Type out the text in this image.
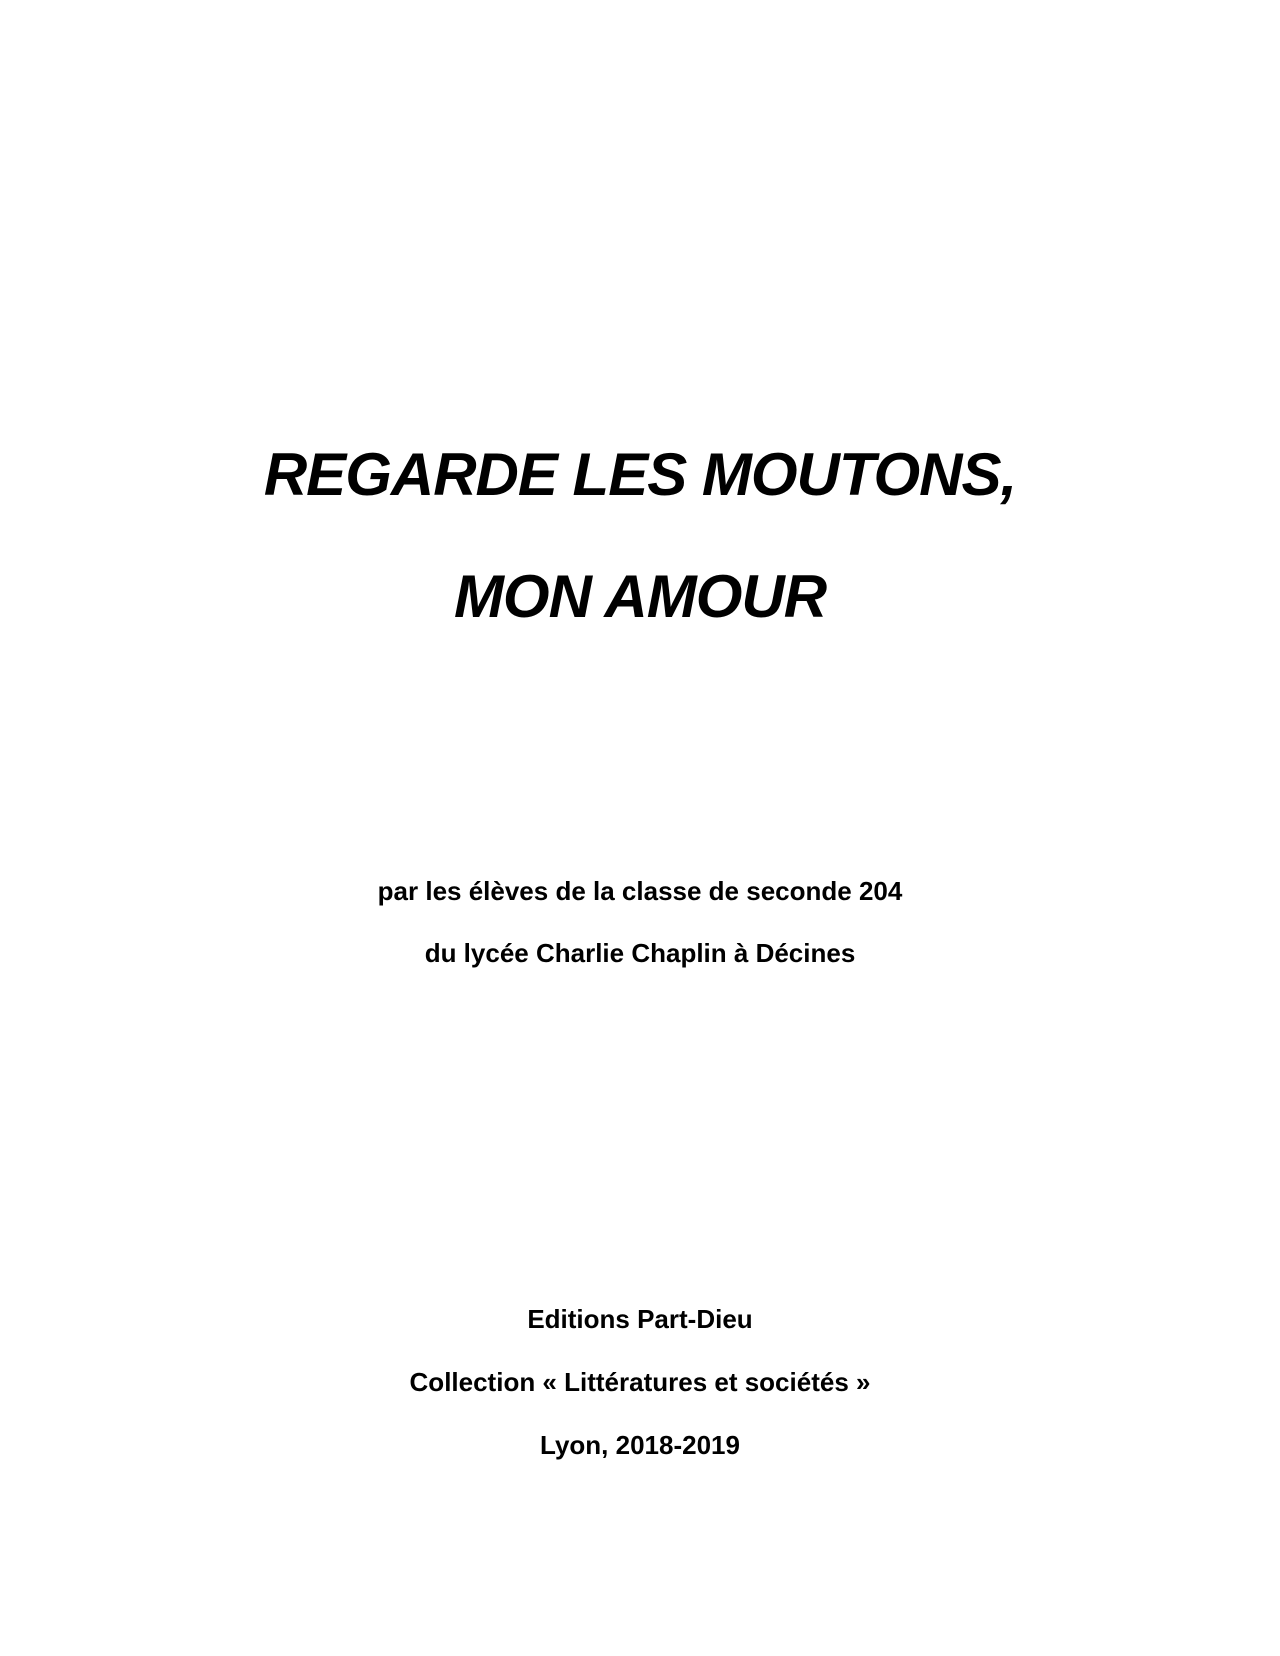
REGARDE LES MOUTONS,
MON AMOUR
par les élèves de la classe de seconde 204
du lycée Charlie Chaplin à Décines
Editions Part-Dieu
Collection « Littératures et sociétés »
Lyon, 2018-2019
